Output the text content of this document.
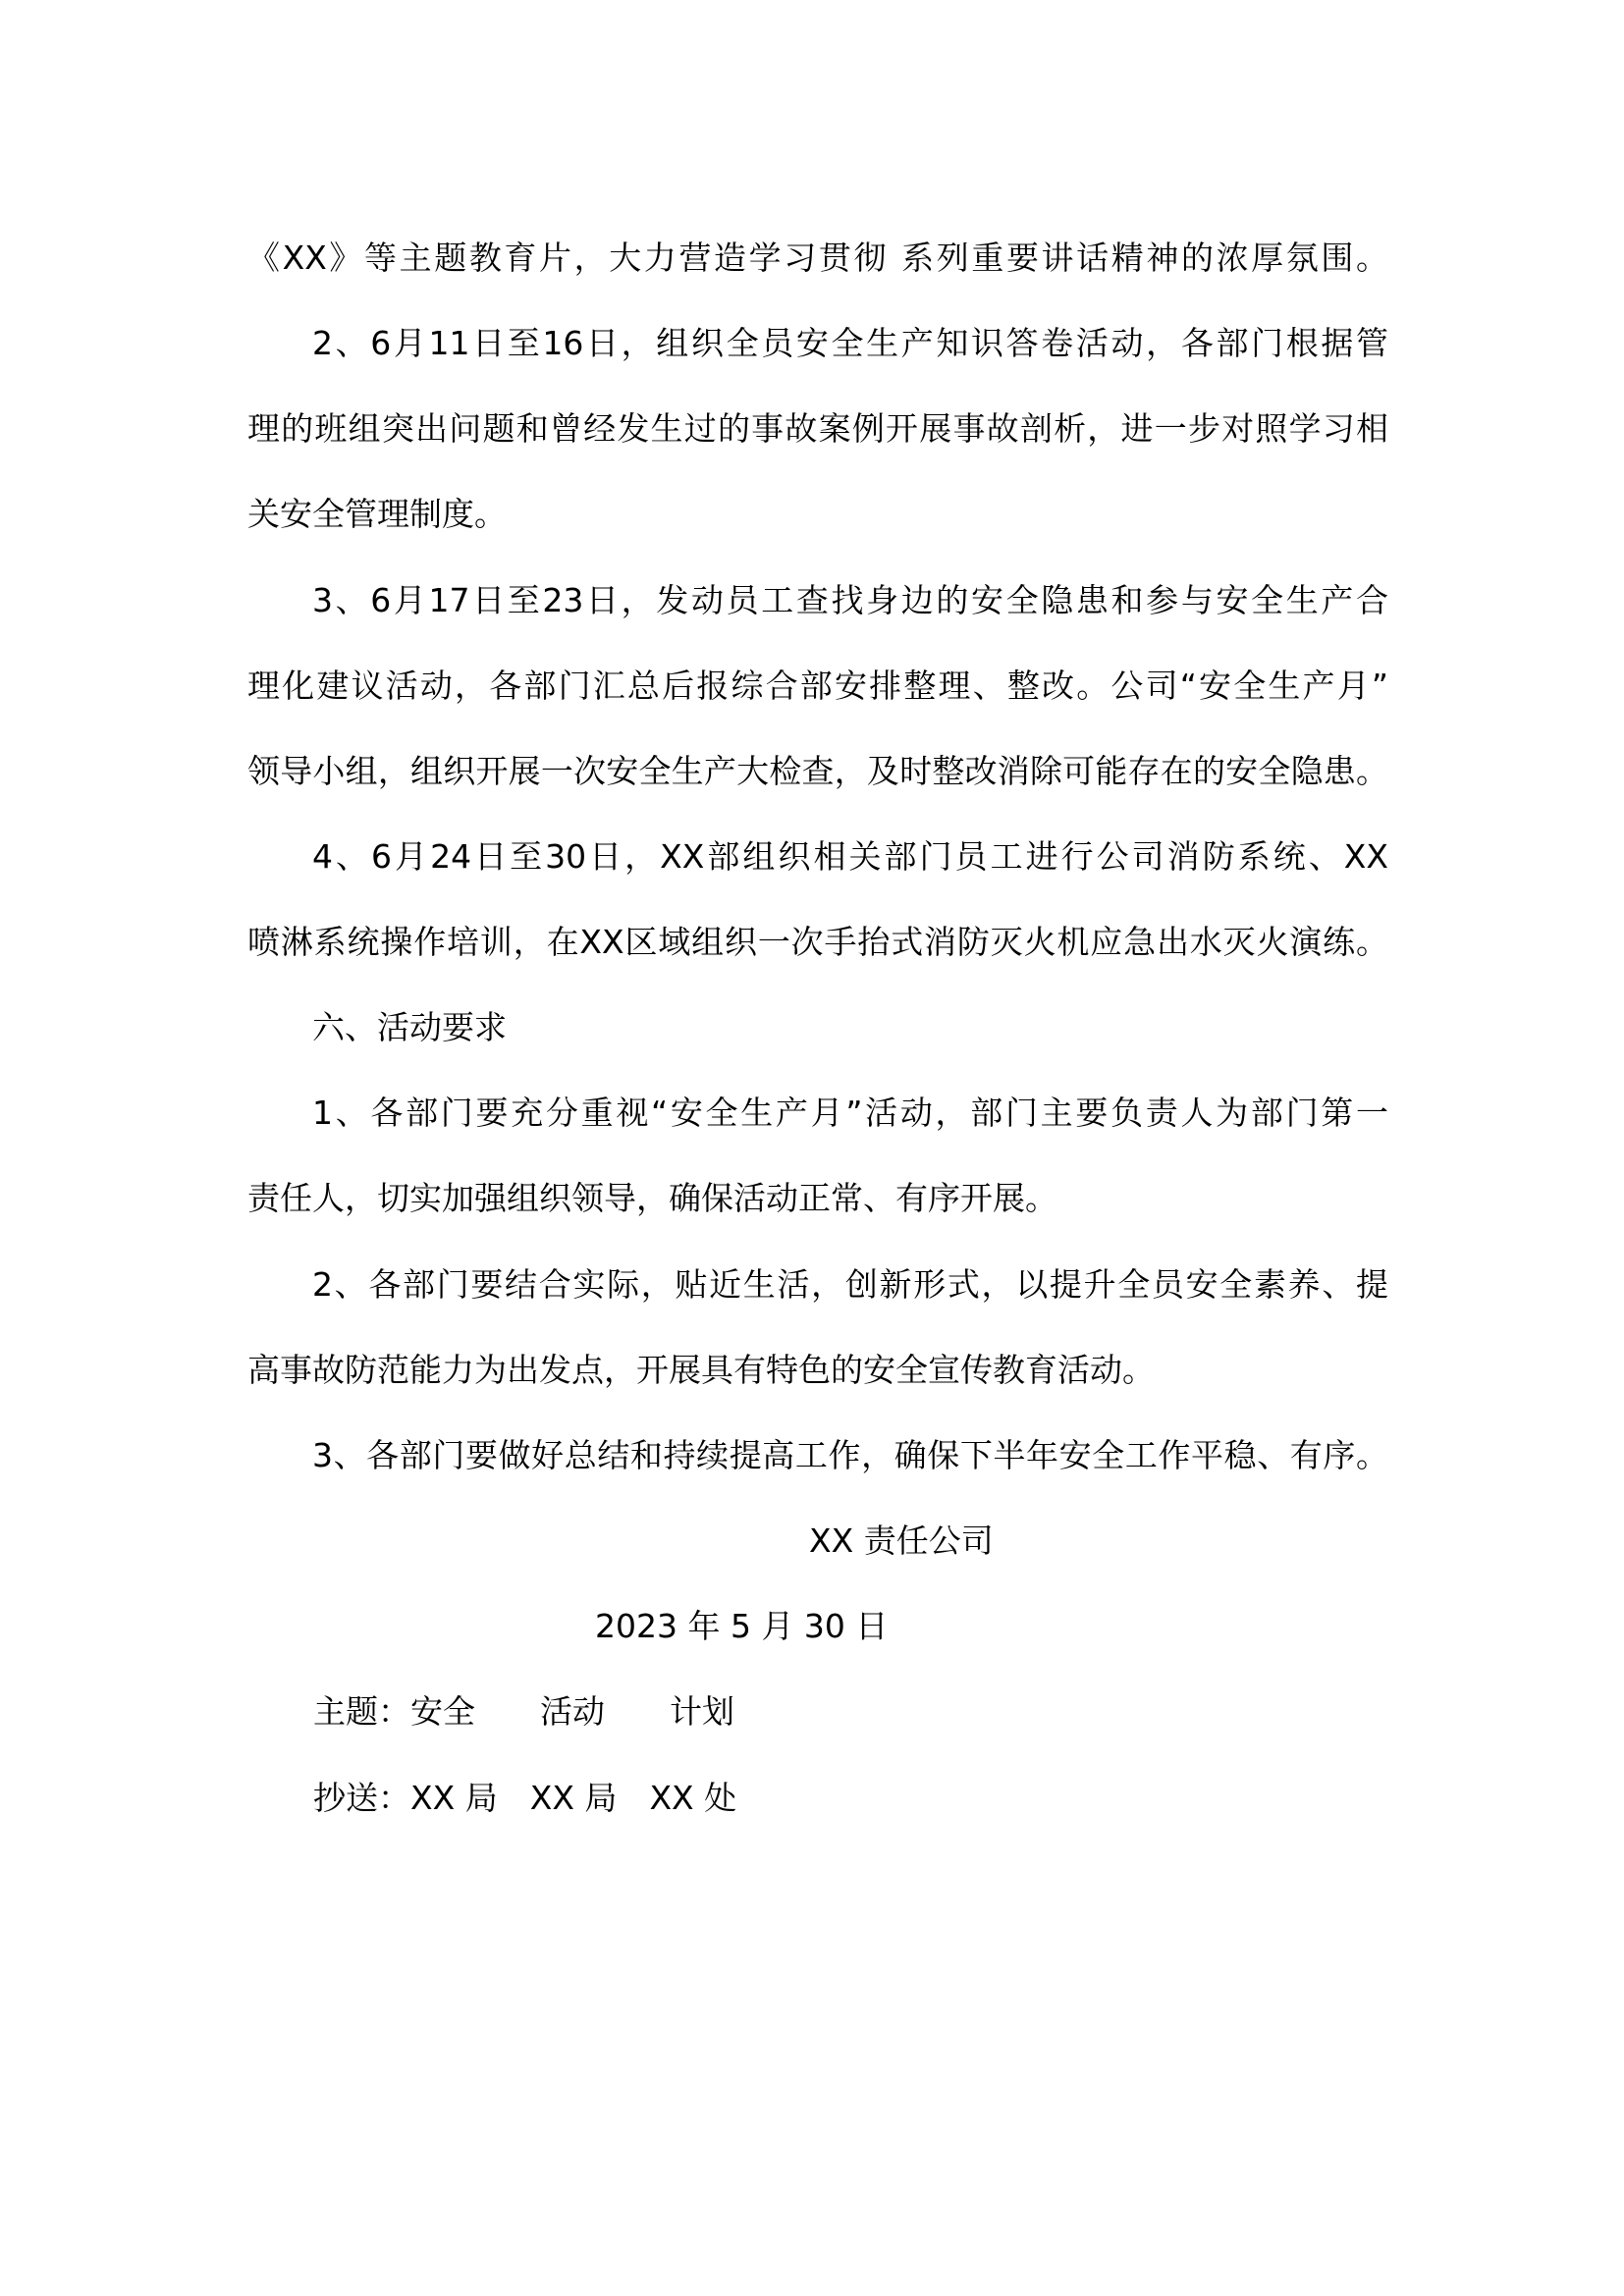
《XX》等主题教育片，大力营造学习贯彻 系列重要讲话精神的浓厚氛围。
2、6月11日至16日，组织全员安全生产知识答卷活动，各部门根据管
理的班组突出问题和曾经发生过的事故案例开展事故剖析，进一步对照学习相
关安全管理制度。
3、6月17日至23日，发动员工查找身边的安全隐患和参与安全生产合
理化建议活动，各部门汇总后报综合部安排整理、整改。公司“安全生产月”
领导小组，组织开展一次安全生产大检查，及时整改消除可能存在的安全隐患。
4、6月24日至30日，XX部组织相关部门员工进行公司消防系统、XX
喷淋系统操作培训，在XX区域组织一次手抬式消防灭火机应急出水灭火演练。
六、活动要求
1、各部门要充分重视“安全生产月”活动，部门主要负责人为部门第一
责任人，切实加强组织领导，确保活动正常、有序开展。
2、各部门要结合实际，贴近生活，创新形式，以提升全员安全素养、提
高事故防范能力为出发点，开展具有特色的安全宣传教育活动。
3、各部门要做好总结和持续提高工作，确保下半年安全工作平稳、有序。
XX 责任公司
2023 年 5 月 30 日
主题：安全 活动 计划
抄送：XX 局 XX 局 XX 处
